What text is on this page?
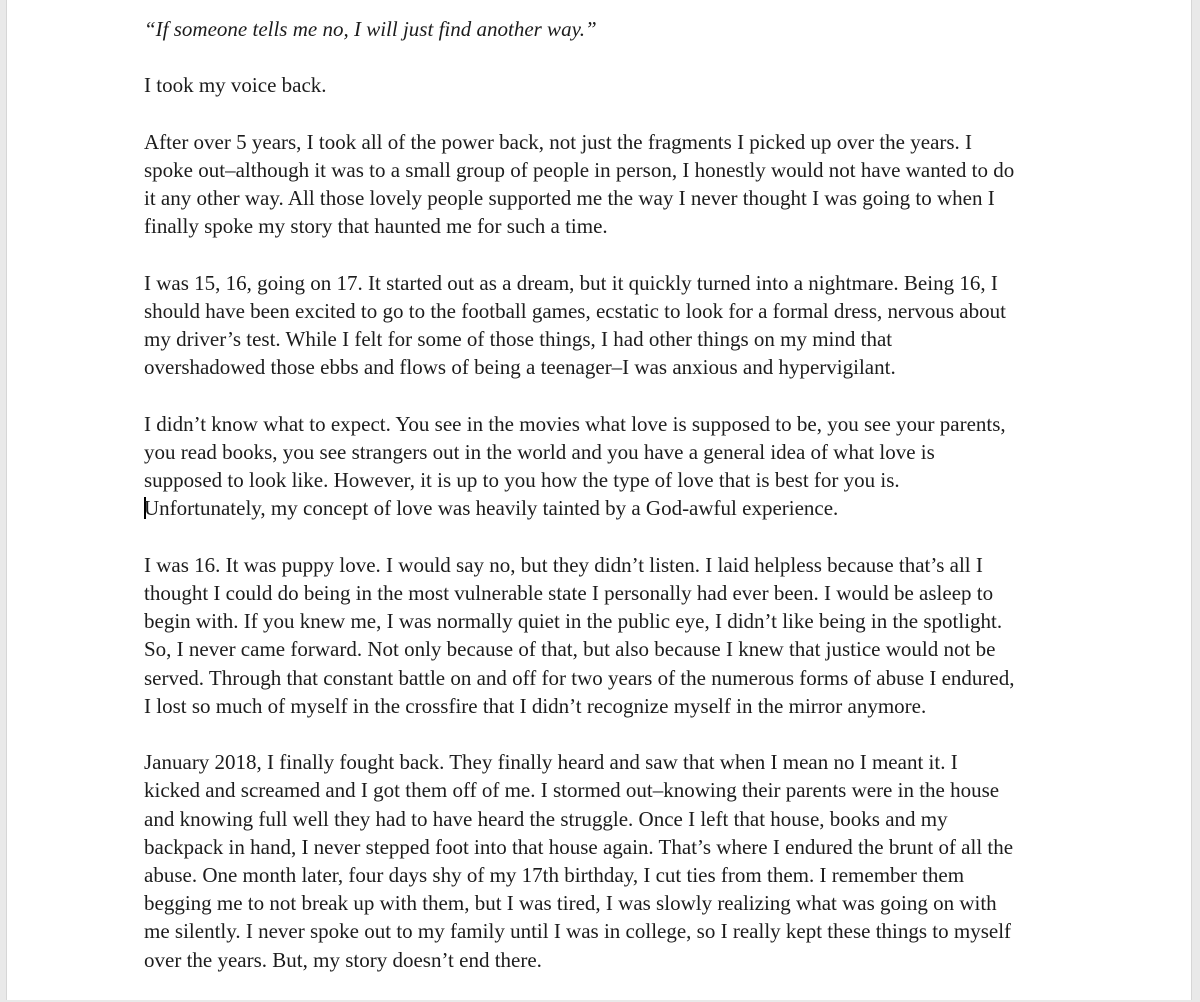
“If someone tells me no, I will just find another way.”

I took my voice back.

After over 5 years, I took all of the power back, not just the fragments I picked up over the years. I
spoke out–although it was to a small group of people in person, I honestly would not have wanted to do
it any other way. All those lovely people supported me the way I never thought I was going to when I
finally spoke my story that haunted me for such a time.

I was 15, 16, going on 17. It started out as a dream, but it quickly turned into a nightmare. Being 16, I
should have been excited to go to the football games, ecstatic to look for a formal dress, nervous about
my driver’s test. While I felt for some of those things, I had other things on my mind that
overshadowed those ebbs and flows of being a teenager–I was anxious and hypervigilant.

I didn’t know what to expect. You see in the movies what love is supposed to be, you see your parents,
you read books, you see strangers out in the world and you have a general idea of what love is
supposed to look like. However, it is up to you how the type of love that is best for you is.
Unfortunately, my concept of love was heavily tainted by a God-awful experience.

I was 16. It was puppy love. I would say no, but they didn’t listen. I laid helpless because that’s all I
thought I could do being in the most vulnerable state I personally had ever been. I would be asleep to
begin with. If you knew me, I was normally quiet in the public eye, I didn’t like being in the spotlight.
So, I never came forward. Not only because of that, but also because I knew that justice would not be
served. Through that constant battle on and off for two years of the numerous forms of abuse I endured,
I lost so much of myself in the crossfire that I didn’t recognize myself in the mirror anymore.

January 2018, I finally fought back. They finally heard and saw that when I mean no I meant it. I
kicked and screamed and I got them off of me. I stormed out–knowing their parents were in the house
and knowing full well they had to have heard the struggle. Once I left that house, books and my
backpack in hand, I never stepped foot into that house again. That’s where I endured the brunt of all the
abuse. One month later, four days shy of my 17th birthday, I cut ties from them. I remember them
begging me to not break up with them, but I was tired, I was slowly realizing what was going on with
me silently. I never spoke out to my family until I was in college, so I really kept these things to myself
over the years. But, my story doesn’t end there.
